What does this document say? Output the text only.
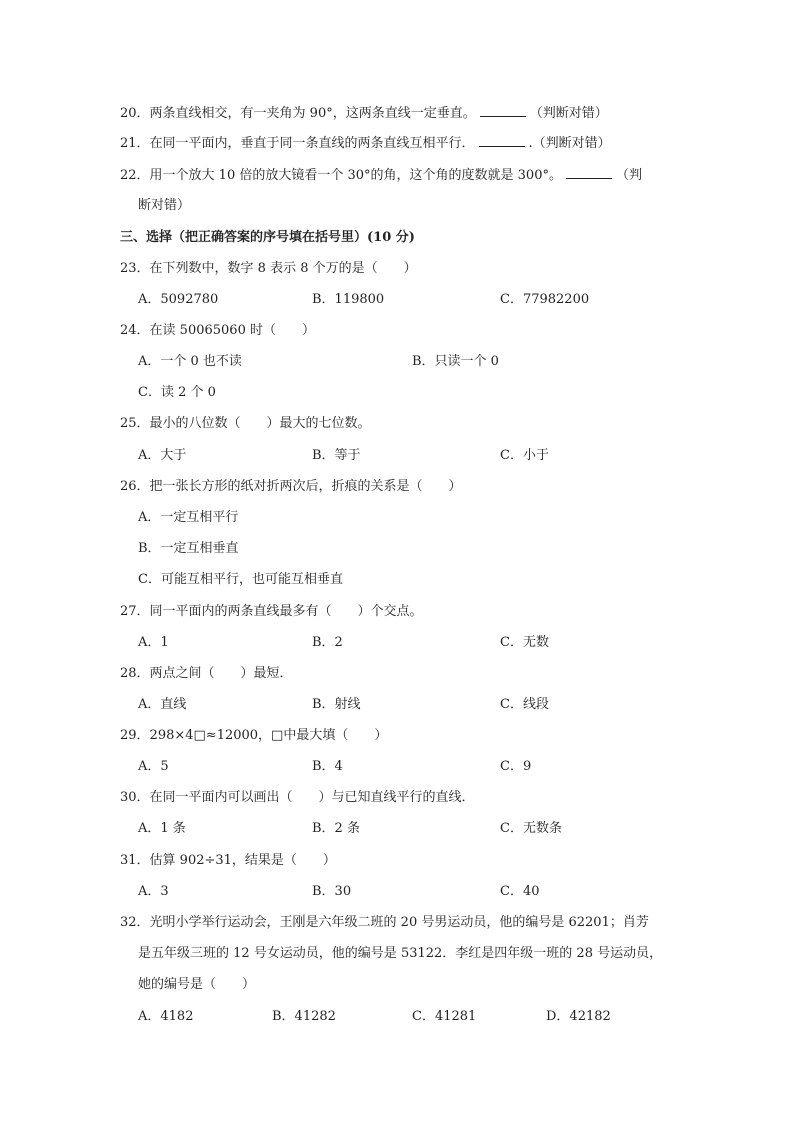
20．两条直线相交，有一夹角为 90°，这两条直线一定垂直。	（判断对错）

21．在同一平面内，垂直于同一条直线的两条直线互相平行．	.（判断对错）

22．用一个放大 10 倍的放大镜看一个 30°的角，这个角的度数就是 300°。	（判

断对错）

三、选择（把正确答案的序号填在括号里）(10 分)

23．在下列数中，数字 8 表示 8 个万的是（　　）

A．5092780	B．119800	C．77982200

24．在读 50065060 时（　　）

A．一个 0 也不读	B．只读一个 0

C．读 2 个 0

25．最小的八位数（　　）最大的七位数。

A．大于	B．等于	C．小于

26．把一张长方形的纸对折两次后，折痕的关系是（　　）

A．一定互相平行

B．一定互相垂直

C．可能互相平行，也可能互相垂直

27．同一平面内的两条直线最多有（　　）个交点。

A．1	B．2	C．无数

28．两点之间（　　）最短．

A．直线	B．射线	C．线段

29．298×4□≈12000，□中最大填（　　）

A．5	B．4	C．9

30．在同一平面内可以画出（　　）与已知直线平行的直线．

A．1 条	B．2 条	C．无数条

31．估算 902÷31，结果是（　　）

A．3	B．30	C．40

32．光明小学举行运动会，王刚是六年级二班的 20 号男运动员，他的编号是 62201；肖芳

是五年级三班的 12 号女运动员，他的编号是 53122．李红是四年级一班的 28 号运动员，

她的编号是（　　）

A．4182	B．41282	C．41281	D．42182
